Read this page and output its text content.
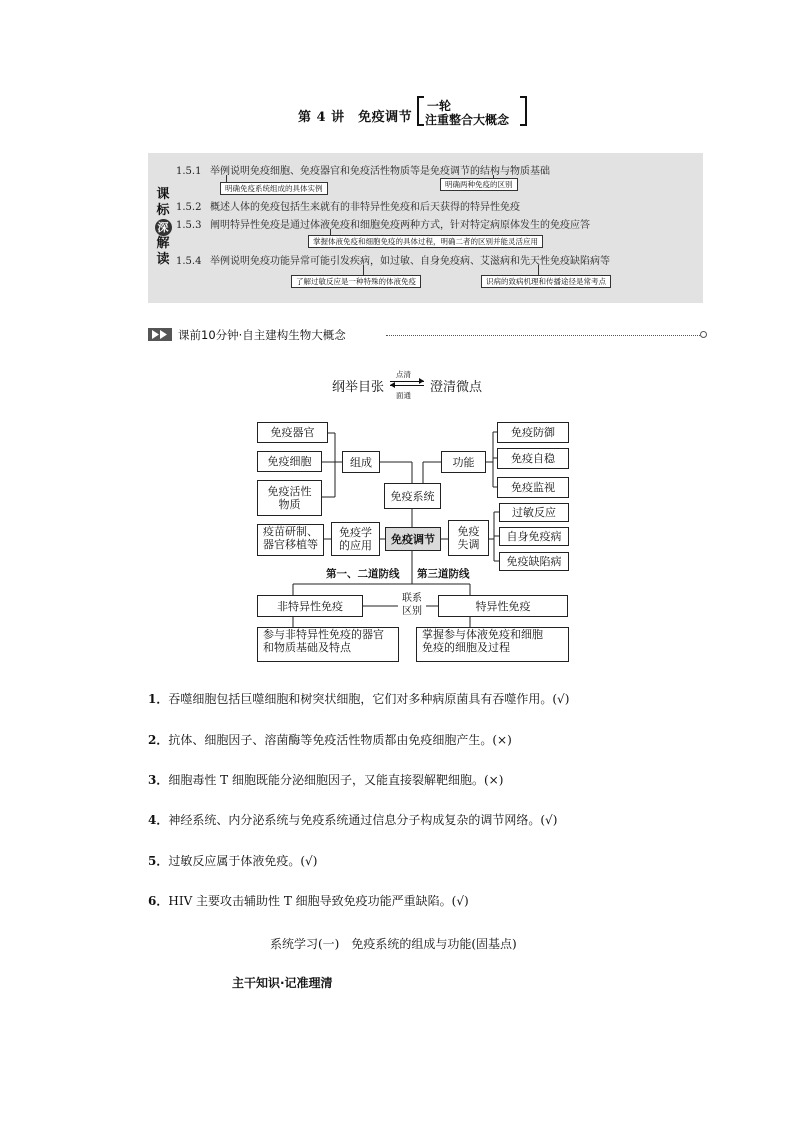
第 4 讲　免疫调节
一轮
注重整合大概念
课
标
深
解
读
1.5.1 举例说明免疫细胞、免疫器官和免疫活性物质等是免疫调节的结构与物质基础
明确免疫系统组成的具体实例	明确两种免疫的区别
1.5.2 概述人体的免疫包括生来就有的非特异性免疫和后天获得的特异性免疫
1.5.3 阐明特异性免疫是通过体液免疫和细胞免疫两种方式，针对特定病原体发生的免疫应答
掌握体液免疫和细胞免疫的具体过程，明确二者的区别并能灵活应用
1.5.4 举例说明免疫功能异常可能引发疾病，如过敏、自身免疫病、艾滋病和先天性免疫缺陷病等
了解过敏反应是一种特殊的体液免疫	识病的致病机理和传播途径是常考点
课前10分钟·自主建构生物大概念
纲举目张
点清
面通
澄清微点
免疫器官
免疫细胞
免疫活性
物质
组成
免疫系统
功能
免疫防御
免疫自稳
免疫监视
疫苗研制、
器官移植等
免疫学
的应用	免疫调节
免疫
失调
过敏反应
自身免疫病
免疫缺陷病
第一、二道防线 第三道防线
非特异性免疫
联系
区别	特异性免疫
参与非特异性免疫的器官
和物质基础及特点
掌握参与体液免疫和细胞
免疫的细胞及过程
1．吞噬细胞包括巨噬细胞和树突状细胞，它们对多种病原菌具有吞噬作用。(√)
2．抗体、细胞因子、溶菌酶等免疫活性物质都由免疫细胞产生。(×)
3．细胞毒性 T 细胞既能分泌细胞因子，又能直接裂解靶细胞。(×)
4．神经系统、内分泌系统与免疫系统通过信息分子构成复杂的调节网络。(√)
5．过敏反应属于体液免疫。(√)
6．HIV 主要攻击辅助性 T 细胞导致免疫功能严重缺陷。(√)
系统学习(一)　免疫系统的组成与功能(固基点)
主干知识·记准理清
